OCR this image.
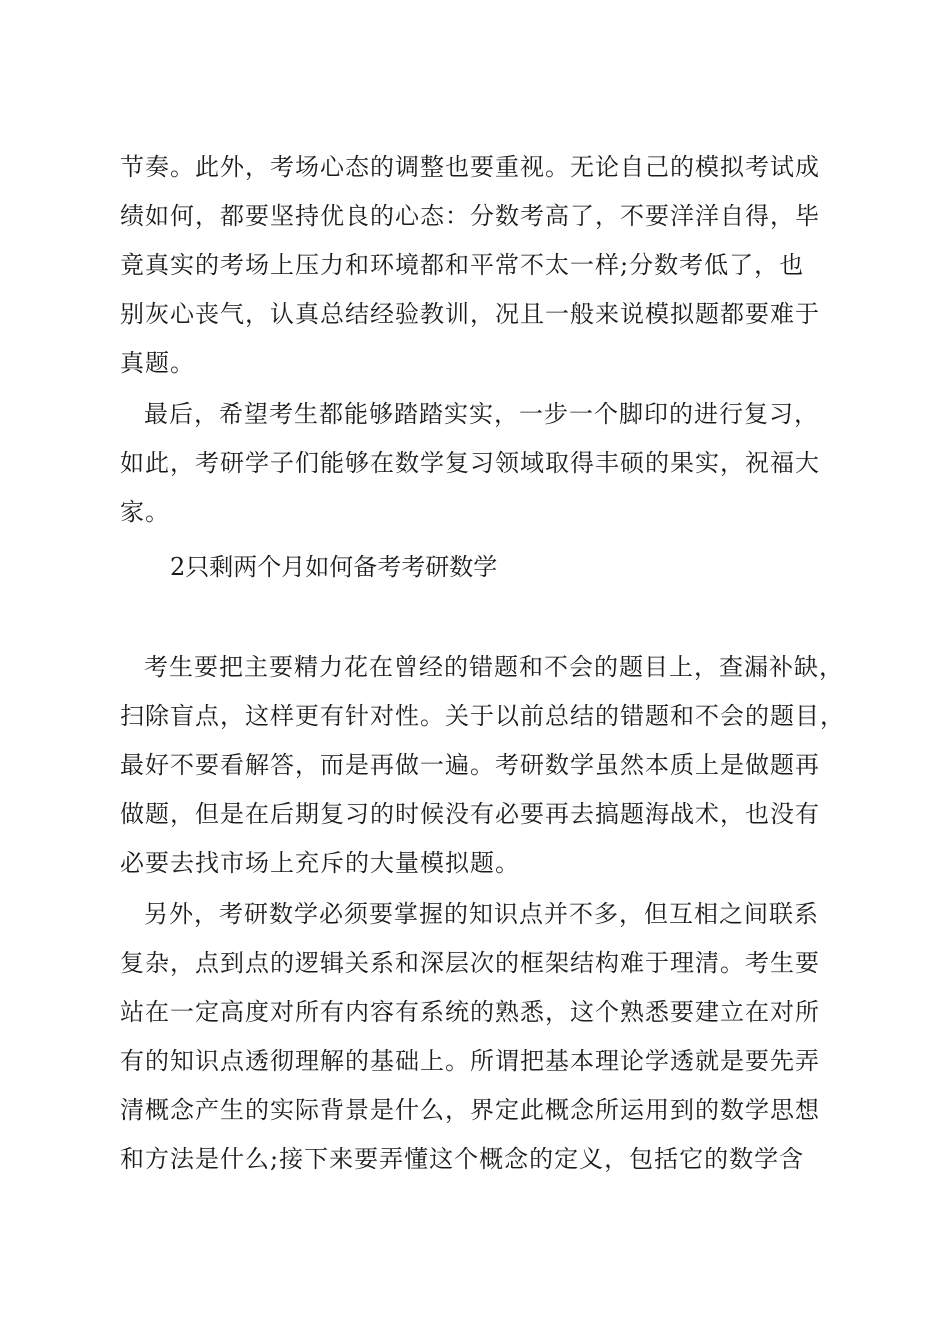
节奏。此外，考场心态的调整也要重视。无论自己的模拟考试成
绩如何，都要坚持优良的心态：分数考高了，不要洋洋自得，毕
竟真实的考场上压力和环境都和平常不太一样;分数考低了，也
别灰心丧气，认真总结经验教训，况且一般来说模拟题都要难于
真题。
最后，希望考生都能够踏踏实实，一步一个脚印的进行复习，
如此，考研学子们能够在数学复习领域取得丰硕的果实，祝福大
家。
2只剩两个月如何备考考研数学
考生要把主要精力花在曾经的错题和不会的题目上，查漏补缺，
扫除盲点，这样更有针对性。关于以前总结的错题和不会的题目，
最好不要看解答，而是再做一遍。考研数学虽然本质上是做题再
做题，但是在后期复习的时候没有必要再去搞题海战术，也没有
必要去找市场上充斥的大量模拟题。
另外，考研数学必须要掌握的知识点并不多，但互相之间联系
复杂，点到点的逻辑关系和深层次的框架结构难于理清。考生要
站在一定高度对所有内容有系统的熟悉，这个熟悉要建立在对所
有的知识点透彻理解的基础上。所谓把基本理论学透就是要先弄
清概念产生的实际背景是什么，界定此概念所运用到的数学思想
和方法是什么;接下来要弄懂这个概念的定义，包括它的数学含
